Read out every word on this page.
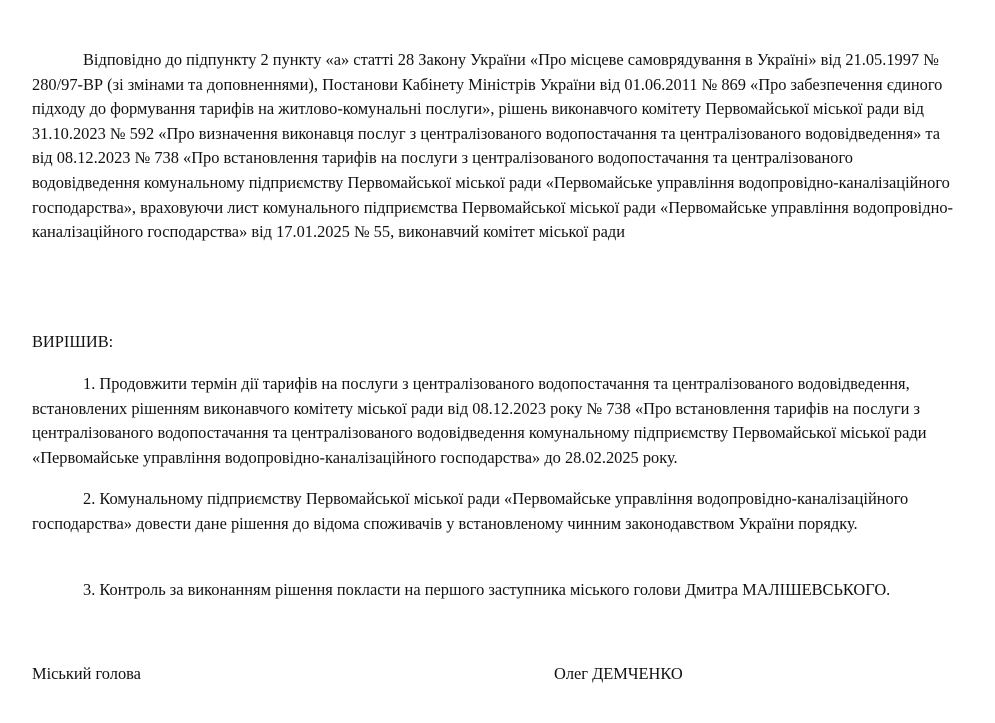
Відповідно до підпункту 2 пункту «а» статті 28 Закону України «Про місцеве самоврядування в Україні» від 21.05.1997 № 280/97-ВР (зі змінами та доповненнями), Постанови Кабінету Міністрів України від 01.06.2011 № 869 «Про забезпечення єдиного підходу до формування тарифів на житлово-комунальні послуги», рішень виконавчого комітету Первомайської міської ради від 31.10.2023 № 592 «Про визначення виконавця послуг з централізованого водопостачання та централізованого водовідведення» та від 08.12.2023 № 738 «Про встановлення тарифів на послуги з централізованого водопостачання та централізованого водовідведення комунальному підприємству Первомайської міської ради «Первомайське управління водопровідно-каналізаційного господарства», враховуючи лист комунального підприємства Первомайської міської ради «Первомайське управління водопровідно-каналізаційного господарства» від 17.01.2025 № 55, виконавчий комітет міської ради

ВИРІШИВ:

1. Продовжити термін дії тарифів на послуги з централізованого водопостачання та централізованого водовідведення, встановлених рішенням виконавчого комітету міської ради від 08.12.2023 року № 738 «Про встановлення тарифів на послуги з централізованого водопостачання та централізованого водовідведення комунальному підприємству Первомайської міської ради «Первомайське управління водопровідно-каналізаційного господарства» до 28.02.2025 року.

2. Комунальному підприємству Первомайської міської ради «Первомайське управління водопровідно-каналізаційного господарства» довести дане рішення до відома споживачів у встановленому чинним законодавством України порядку.

3. Контроль за виконанням рішення покласти на першого заступника міського голови Дмитра МАЛІШЕВСЬКОГО.

Міський голова	Олег ДЕМЧЕНКО
